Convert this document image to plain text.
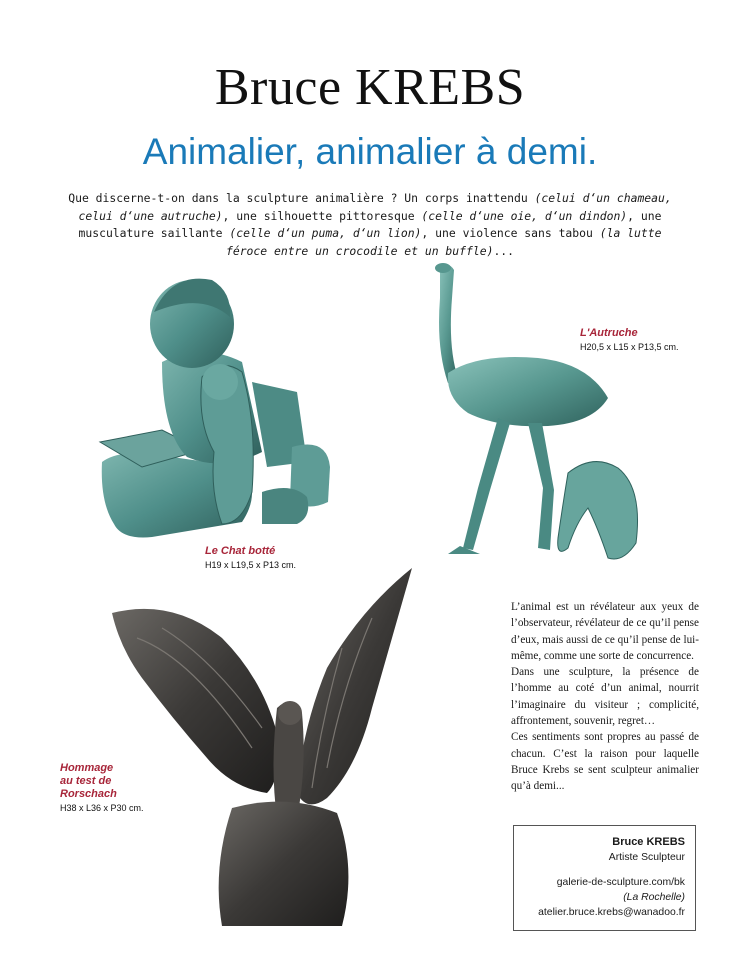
Bruce KREBS
Animalier, animalier à demi.
Que discerne-t-on dans la sculpture animalière ? Un corps inattendu (celui d‘un chameau, celui d‘une autruche), une silhouette pittoresque (celle d‘une oie, d‘un dindon), une musculature saillante (celle d‘un puma, d‘un lion), une violence sans tabou (la lutte féroce entre un crocodile et un buffle)...
Le Chat botté
H19 x L19,5 x P13 cm.
L'Autruche
H20,5 x L15 x P13,5 cm.
Hommage
au test de
Rorschach
H38 x L36 x P30 cm.

L’animal est un révélateur aux yeux de l’observateur, révélateur de ce qu’il pense d’eux, mais aussi de ce qu’il pense de lui-même, comme une sorte de concurrence.

Dans une sculpture, la présence de l’homme au coté d’un animal, nourrit l’imaginaire du visiteur ; complicité, affrontement, souvenir, regret…

Ces sentiments sont propres au passé de chacun. C’est la raison pour laquelle Bruce Krebs se sent sculpteur animalier qu’à demi...

Bruce KREBS
Artiste Sculpteur
galerie-de-sculpture.com/bk
(La Rochelle)
atelier.bruce.krebs@wanadoo.fr
